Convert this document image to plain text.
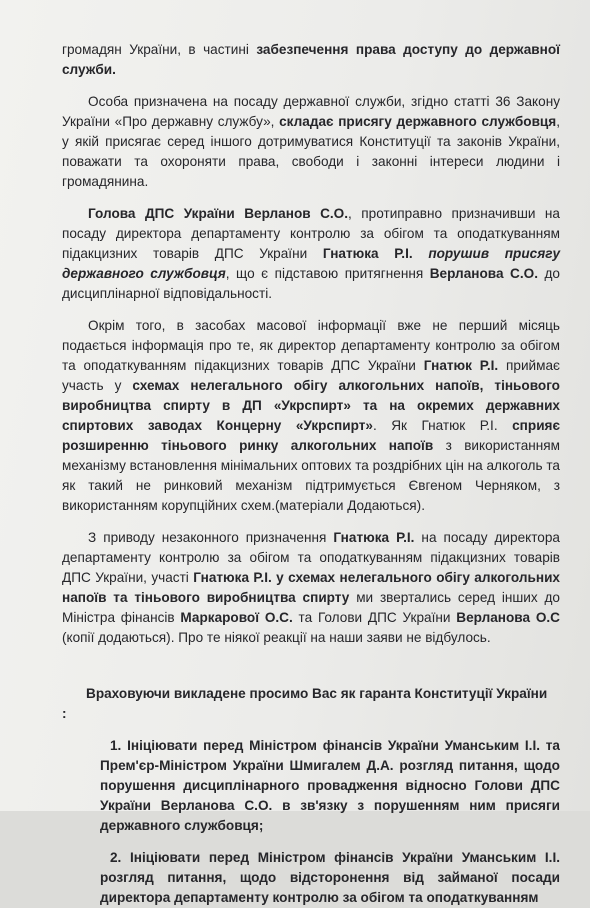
громадян України, в частині забезпечення права доступу до державної служби.

Особа призначена на посаду державної служби, згідно статті 36 Закону України «Про державну службу», складає присягу державного службовця, у якій присягає серед іншого дотримуватися Конституції та законів України, поважати та охороняти права, свободи і законні інтереси людини і громадянина.

Голова ДПС України Верланов С.О., протиправно призначивши на посаду директора департаменту контролю за обігом та оподаткуванням підакцизних товарів ДПС України Гнатюка Р.І. порушив присягу державного службовця, що є підставою притягнення Верланова С.О. до дисциплінарної відповідальності.

Окрім того, в засобах масової інформації вже не перший місяць подається інформація про те, як директор департаменту контролю за обігом та оподаткуванням підакцизних товарів ДПС України Гнатюк Р.І. приймає участь у схемах нелегального обігу алкогольних напоїв, тіньового виробництва спирту в ДП «Укрспирт» та на окремих державних спиртових заводах Концерну «Укрспирт». Як Гнатюк Р.І. сприяє розширенню тіньового ринку алкогольних напоїв з використанням механізму встановлення мінімальних оптових та роздрібних цін на алкоголь та як такий не ринковий механізм підтримується Євгеном Черняком, з використанням корупційних схем.(матеріали Додаються).

З приводу незаконного призначення Гнатюка Р.І. на посаду директора департаменту контролю за обігом та оподаткуванням підакцизних товарів ДПС України, участі Гнатюка Р.І. у схемах нелегального обігу алкогольних напоїв та тіньового виробництва спирту ми звертались серед інших до Міністра фінансів Маркарової О.С. та Голови ДПС України Верланова О.С (копії додаються). Про те ніякої реакції на наши заяви не відбулось.

Враховуючи викладене просимо Вас як гаранта Конституції України
:

1. Ініціювати перед Міністром фінансів України Уманським І.І. та Прем'єр-Міністром України Шмигалем Д.А. розгляд питання, щодо порушення дисциплінарного провадження відносно Голови ДПС України Верланова С.О. в зв'язку з порушенням ним присяги державного службовця;

2. Ініціювати перед Міністром фінансів України Уманським І.І. розгляд питання, щодо відсторонення від займаної посади директора департаменту контролю за обігом та оподаткуванням
